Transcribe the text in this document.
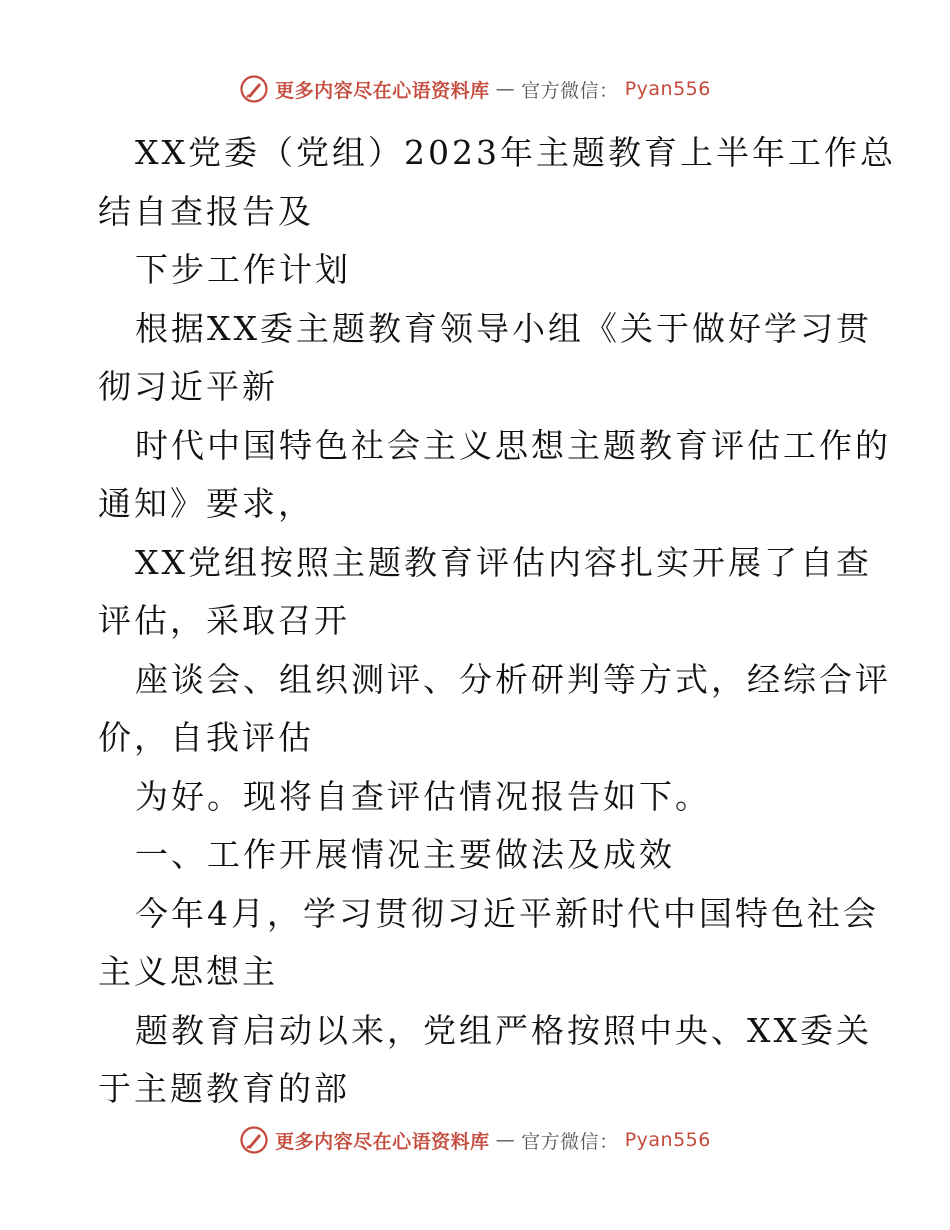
更多内容尽在心语资料库 — 官方微信： Pyan556
XX党委（党组）2023年主题教育上半年工作总
结自查报告及
下步工作计划
根据XX委主题教育领导小组《关于做好学习贯
彻习近平新
时代中国特色社会主义思想主题教育评估工作的
通知》要求，
XX党组按照主题教育评估内容扎实开展了自查
评估，采取召开
座谈会、组织测评、分析研判等方式，经综合评
价，自我评估
为好。现将自查评估情况报告如下。
一、工作开展情况主要做法及成效
今年4月，学习贯彻习近平新时代中国特色社会
主义思想主
题教育启动以来，党组严格按照中央、XX委关
于主题教育的部
更多内容尽在心语资料库 — 官方微信： Pyan556
